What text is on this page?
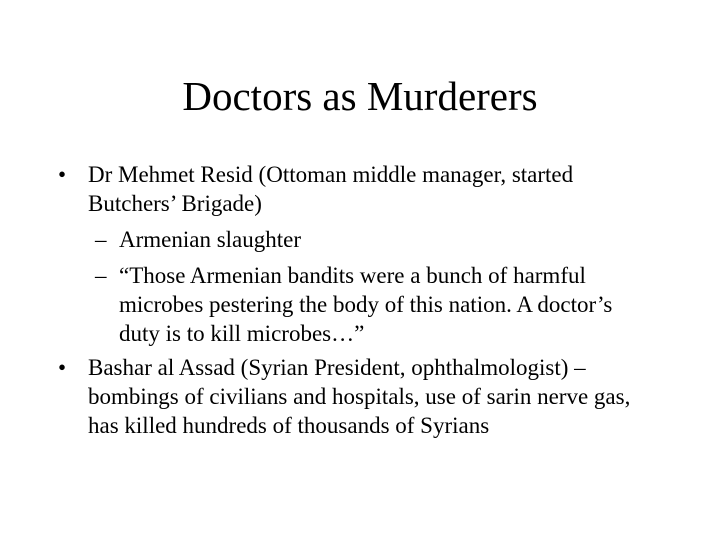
Doctors as Murderers
• Dr Mehmet Resid (Ottoman middle manager, started
Butchers’ Brigade)
– Armenian slaughter
– “Those Armenian bandits were a bunch of harmful
microbes pestering the body of this nation. A doctor’s
duty is to kill microbes…”
• Bashar al Assad (Syrian President, ophthalmologist) –
bombings of civilians and hospitals, use of sarin nerve gas,
has killed hundreds of thousands of Syrians
